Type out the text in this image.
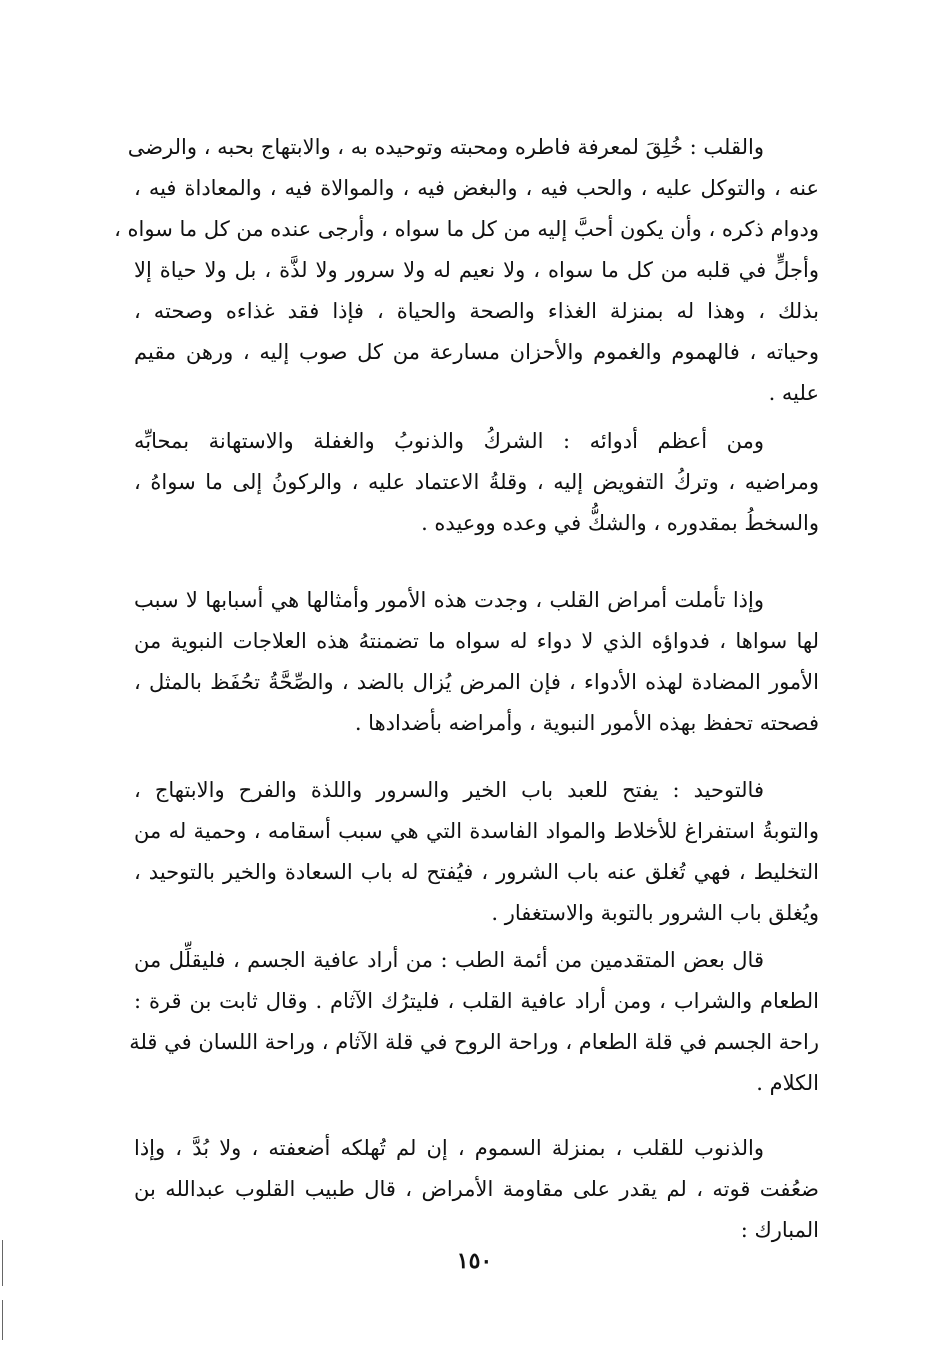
والقلب : خُلِقَ لمعرفة فاطره ومحبته وتوحيده به ، والابتهاج بحبه ، والرضى
عنه ، والتوكل عليه ، والحب فيه ، والبغض فيه ، والموالاة فيه ، والمعاداة فيه ،
ودوام ذكره ، وأن يكون أحبَّ إليه من كل ما سواه ، وأرجى عنده من كل ما سواه ،
وأجلٍّ في قلبه من كل ما سواه ، ولا نعيم له ولا سرور ولا لذَّة ، بل ولا حياة إلا
بذلك ، وهذا له بمنزلة الغذاء والصحة والحياة ، فإذا فقد غذاءه وصحته ،
وحياته ، فالهموم والغموم والأحزان مسارعة من كل صوب إليه ، ورهن مقيم
عليه .
ومن أعظم أدوائه : الشركُ والذنوبُ والغفلة والاستهانة بمحابِّه
ومراضيه ، وتركُ التفويض إليه ، وقلةُ الاعتماد عليه ، والركونُ إلى ما سواهُ ،
والسخطُ بمقدوره ، والشكُّ في وعده ووعيده .
وإذا تأملت أمراض القلب ، وجدت هذه الأمور وأمثالها هي أسبابها لا سبب
لها سواها ، فدواؤه الذي لا دواء له سواه ما تضمنتهُ هذه العلاجات النبوية من
الأمور المضادة لهذه الأدواء ، فإن المرض يُزال بالضد ، والصِّحَّةُ تحُفَظ بالمثل ،
فصحته تحفظ بهذه الأمور النبوية ، وأمراضه بأضدادها .
فالتوحيد : يفتح للعبد باب الخير والسرور واللذة والفرح والابتهاج ،
والتوبةُ استفراغ للأخلاط والمواد الفاسدة التي هي سبب أسقامه ، وحمية له من
التخليط ، فهي تُغلق عنه باب الشرور ، فيُفتح له باب السعادة والخير بالتوحيد ،
ويُغلق باب الشرور بالتوبة والاستغفار .
قال بعض المتقدمين من أئمة الطب : من أراد عافية الجسم ، فليقلِّل من
الطعام والشراب ، ومن أراد عافية القلب ، فليترُك الآثام . وقال ثابت بن قرة :
راحة الجسم في قلة الطعام ، وراحة الروح في قلة الآثام ، وراحة اللسان في قلة
الكلام .
والذنوب للقلب ، بمنزلة السموم ، إن لم تُهلكه أضعفته ، ولا بُدَّ ، وإذا
ضعُفت قوته ، لم يقدر على مقاومة الأمراض ، قال طبيب القلوب عبدالله بن
المبارك :
١٥٠
